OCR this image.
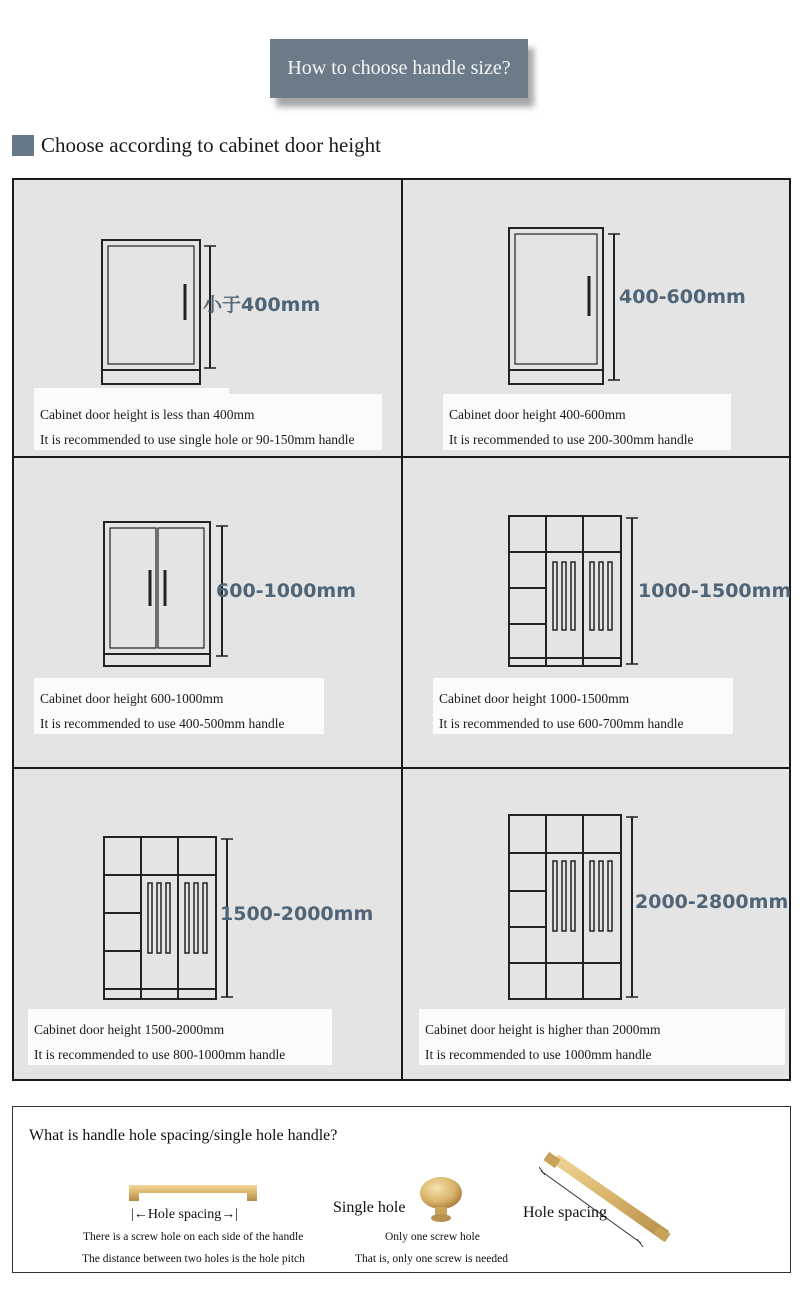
How to choose handle size?
Choose according to cabinet door height
小于400mm
Cabinet door height is less than 400mm
It is recommended to use single hole or 90-150mm handle
400-600mm
Cabinet door height 400-600mm
It is recommended to use 200-300mm handle
600-1000mm
Cabinet door height 600-1000mm
It is recommended to use 400-500mm handle
1000-1500mm
Cabinet door height 1000-1500mm
It is recommended to use 600-700mm handle
1500-2000mm
Cabinet door height 1500-2000mm
It is recommended to use 800-1000mm handle
2000-2800mm
Cabinet door height is higher than 2000mm
It is recommended to use 1000mm handle
What is handle hole spacing/single hole handle?
|←Hole spacing→|
There is a screw hole on each side of the handle
The distance between two holes is the hole pitch
Single hole
Only one screw hole
That is, only one screw is needed
Hole spacing
